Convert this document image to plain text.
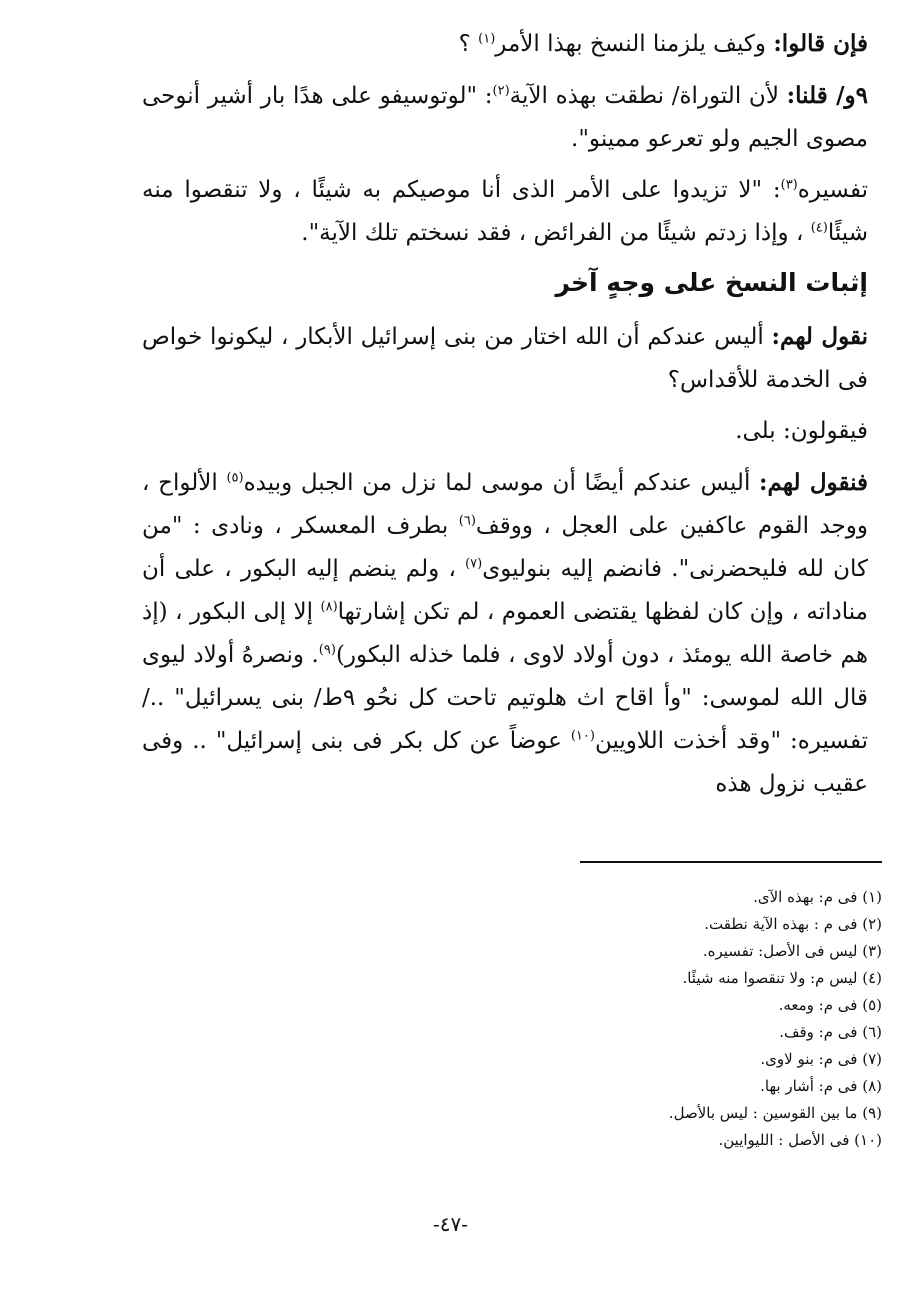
فإن قالوا: وكيف يلزمنا النسخ بهذا الأمر$^{(١)}$ ؟

٩و/ قلنا: لأن التوراة/ نطقت بهذه الآية$^{(٢)}$: "لوتوسيفو على هدًا بار أشير أنوحى مصوى الجيم ولو تعرعو ممينو".

تفسيره$^{(٣)}$: "لا تزيدوا على الأمر الذى أنا موصيكم به شيئًا ، ولا تنقصوا منه شيئًا$^{(٤)}$ ، وإذا زدتم شيئًا من الفرائض ، فقد نسختم تلك الآية".

إثبات النسخ على وجهٍ آخر

نقول لهم: أليس عندكم أن الله اختار من بنى إسرائيل الأبكار ، ليكونوا خواص فى الخدمة للأقداس؟

فيقولون: بلى.

فنقول لهم: أليس عندكم أيضًا أن موسى لما نزل من الجبل وبيده$^{(٥)}$ الألواح ، ووجد القوم عاكفين على العجل ، ووقف$^{(٦)}$ بطرف المعسكر ، ونادى : "من كان لله فليحضرنى". فانضم إليه بنوليوى$^{(٧)}$ ، ولم ينضم إليه البكور ، على أن مناداته ، وإن كان لفظها يقتضى العموم ، لم تكن إشارتها$^{(٨)}$ إلا إلى البكور ، (إذ هم خاصة الله يومئذ ، دون أولاد لاوى ، فلما خذله البكور)$^{(٩)}$. ونصرهُ أولاد ليوى قال الله لموسى: "وأ اقاح اث هلوتيم تاحت كل نحُو ٩ط/ بنى يسرائيل" ../ تفسيره: "وقد أخذت اللاويين$^{(١٠)}$ عوضاً عن كل بكر فى بنى إسرائيل" .. وفى عقيب نزول هذه

(١) فى م: بهذه الآى.
(٢) فى م : بهذه الآية نطقت.
(٣) ليس فى الأصل: تفسيره.
(٤) ليس م: ولا تنقصوا منه شيئًا.
(٥) فى م: ومعه.
(٦) فى م: وقف.
(٧) فى م: بنو لاوى.
(٨) فى م: أشار بها.
(٩) ما بين القوسين : ليس بالأصل.
(١٠) فى الأصل : الليوايين.
-٤٧-
